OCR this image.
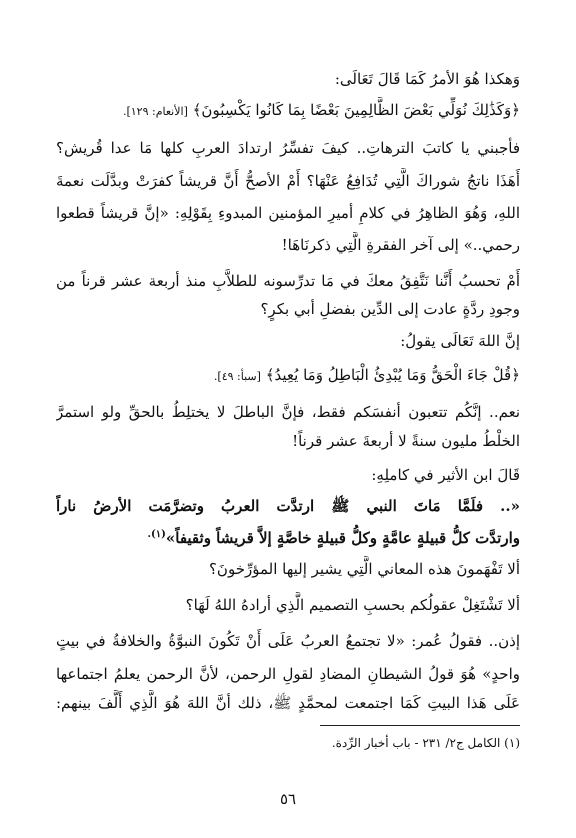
وَهكذا هُوَ الأمرُ كَمَا قَالَ تَعَالَى:
﴿وَكَذَٰلِكَ نُوَلِّي بَعْضَ الظَّالِمِينَ بَعْضًا بِمَا كَانُوا يَكْسِبُونَ﴾ [الأنعام: ١٢٩].
فأجبني يا كاتبَ الترهاتِ.. كيفَ تفسِّرُ ارتدادَ العربِ كلها مَا عدا قُريش؟
أَهَذَا ناتجُ شوراكَ الَّتِي تُدَافِعُ عَنْهَا؟ أَمْ الأصحُّ أَنَّ قريشاً كفرَتْ وبدَّلَت نعمةَ
اللهِ، وَهُوَ الظاهِرُ في كلامِ أميرِ المؤمنين المبدوءِ بِقَوْلِهِ: «إنَّ قريشاً قطعوا
رحمي..» إلى آخر الفقرةِ الَّتِي ذكرنَاهَا!
أَمْ تحسبُ أَنَّنا نَتَّفِقُ معكَ في مَا تدرِّسونه للطلاَّبِ منذ أربعة عشر قرناً من
وجودِ ردَّةٍ عادت إلى الدِّين بفضلِ أبي بكرٍ؟
إنَّ اللهَ تَعَالَى يقولُ:
﴿قُلْ جَاءَ الْحَقُّ وَمَا يُبْدِئُ الْبَاطِلُ وَمَا يُعِيدُ﴾ [سبأ: ٤٩].
نعم.. إنَّكُم تتعبون أنفسَكم فقط، فإنَّ الباطلَ لا يختلِطُ بالحقِّ ولو استمرَّ
الخلْطُ مليون سنةً لا أربعةَ عشر قرناً!
قَالَ ابن الأثير في كاملِهِ:
«.. فلَمَّا مَاتَ النبي ﷺ ارتدَّت العربُ وتضرَّمَت الأرضُ ناراً
وارتدَّت كلُّ قبيلةٍ عامَّةٍ وكلُّ قبيلةٍ خاصَّةٍ إلاَّ قريشاً وثقيفاً»$^{(١).}$
ألا تَفْهَمونَ هذه المعاني الَّتِي يشير إليها المؤرِّخونَ؟
ألا تَشْتَغِلْ عقولُكم بحسبِ التصميم الَّذِي أرادهُ اللهُ لَهَا؟
إذن.. فقولُ عُمر: «لا تجتمعُ العربُ عَلَى أَنْ تَكُونَ النبوَّةُ والخلافةُ في بيتٍ
واحدٍ» هُوَ قولُ الشيطانِ المضادِ لقولِ الرحمن، لأنَّ الرحمن يعلمُ اجتماعها
عَلَى هَذا البيتِ كَمَا اجتمعت لمحمَّدٍ ﷺ، ذلك أنَّ اللهَ هُوَ الَّذِي أَلَّفَ بينهم:
(١) الكامل ج٢/ ٢٣١ - باب أخبار الرِّدة.
٥٦
